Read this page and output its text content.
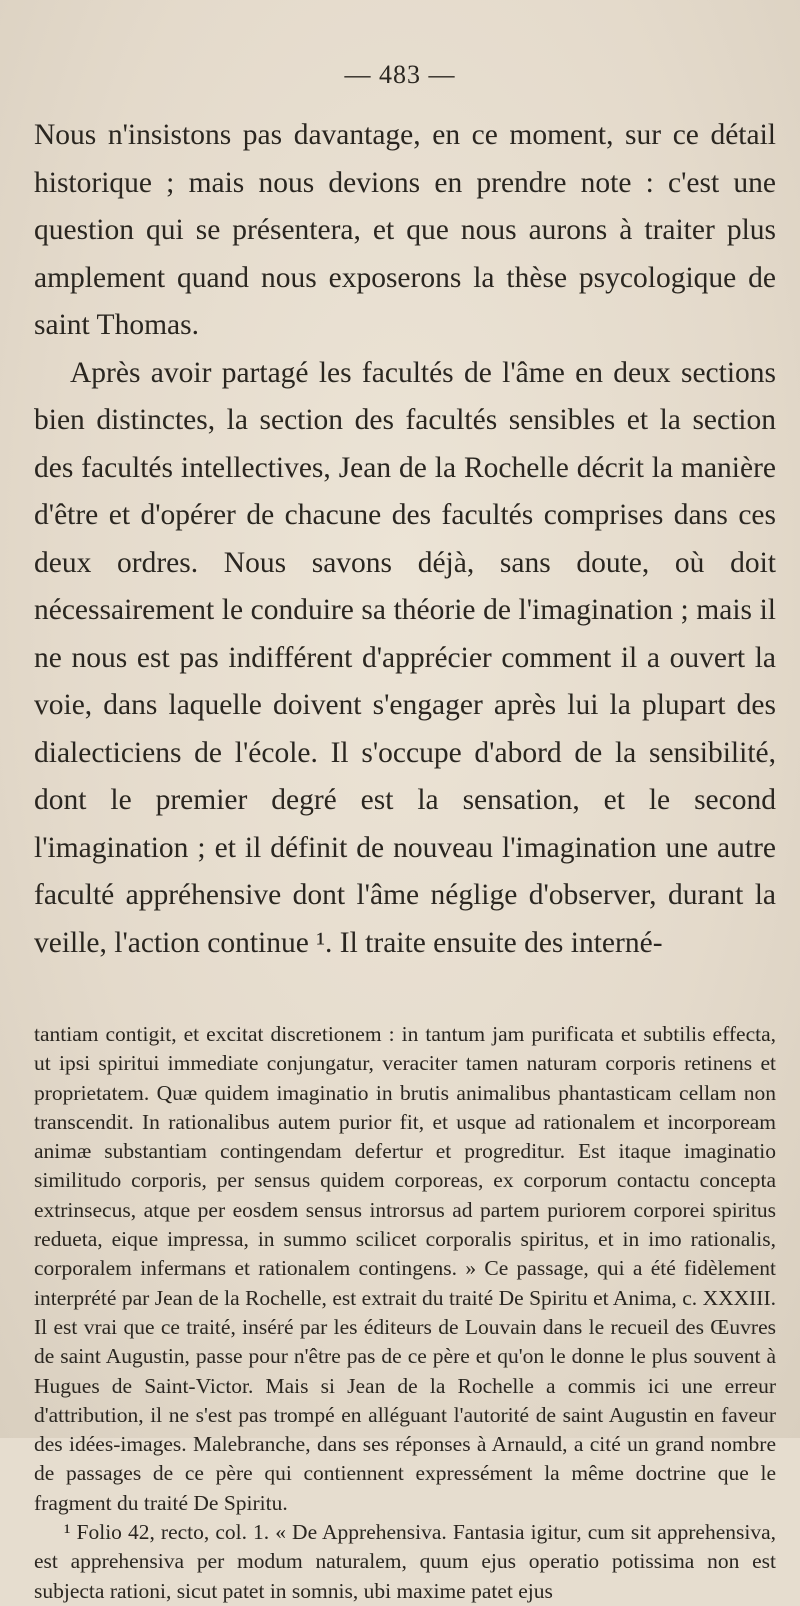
— 483 —

Nous n'insistons pas davantage, en ce moment, sur ce détail historique ; mais nous devions en prendre note : c'est une question qui se présentera, et que nous aurons à traiter plus amplement quand nous exposerons la thèse psycologique de saint Thomas.

Après avoir partagé les facultés de l'âme en deux sections bien distinctes, la section des facultés sensibles et la section des facultés intellectives, Jean de la Rochelle décrit la manière d'être et d'opérer de chacune des facultés comprises dans ces deux ordres. Nous savons déjà, sans doute, où doit nécessairement le conduire sa théorie de l'imagination ; mais il ne nous est pas indifférent d'apprécier comment il a ouvert la voie, dans laquelle doivent s'engager après lui la plupart des dialecticiens de l'école. Il s'occupe d'abord de la sensibilité, dont le premier degré est la sensation, et le second l'imagination ; et il définit de nouveau l'imagination une autre faculté appréhensive dont l'âme néglige d'observer, durant la veille, l'action continue ¹. Il traite ensuite des interné-

tantiam contigit, et excitat discretionem : in tantum jam purificata et subtilis effecta, ut ipsi spiritui immediate conjungatur, veraciter tamen naturam corporis retinens et proprietatem. Quæ quidem imaginatio in brutis animalibus phantasticam cellam non transcendit. In rationalibus autem purior fit, et usque ad rationalem et incorpoream animæ substantiam contingendam defertur et progreditur. Est itaque imaginatio similitudo corporis, per sensus quidem corporeas, ex corporum contactu concepta extrinsecus, atque per eosdem sensus introrsus ad partem puriorem corporei spiritus redueta, eique impressa, in summo scilicet corporalis spiritus, et in imo rationalis, corporalem infermans et rationalem contingens. » Ce passage, qui a été fidèlement interprété par Jean de la Rochelle, est extrait du traité De Spiritu et Anima, c. XXXIII. Il est vrai que ce traité, inséré par les éditeurs de Louvain dans le recueil des Œuvres de saint Augustin, passe pour n'être pas de ce père et qu'on le donne le plus souvent à Hugues de Saint-Victor. Mais si Jean de la Rochelle a commis ici une erreur d'attribution, il ne s'est pas trompé en alléguant l'autorité de saint Augustin en faveur des idées-images. Malebranche, dans ses réponses à Arnauld, a cité un grand nombre de passages de ce père qui contiennent expressément la même doctrine que le fragment du traité De Spiritu.

¹ Folio 42, recto, col. 1. « De Apprehensiva. Fantasia igitur, cum sit apprehensiva, est apprehensiva per modum naturalem, quum ejus operatio potissima non est subjecta rationi, sicut patet in somnis, ubi maxime patet ejus
